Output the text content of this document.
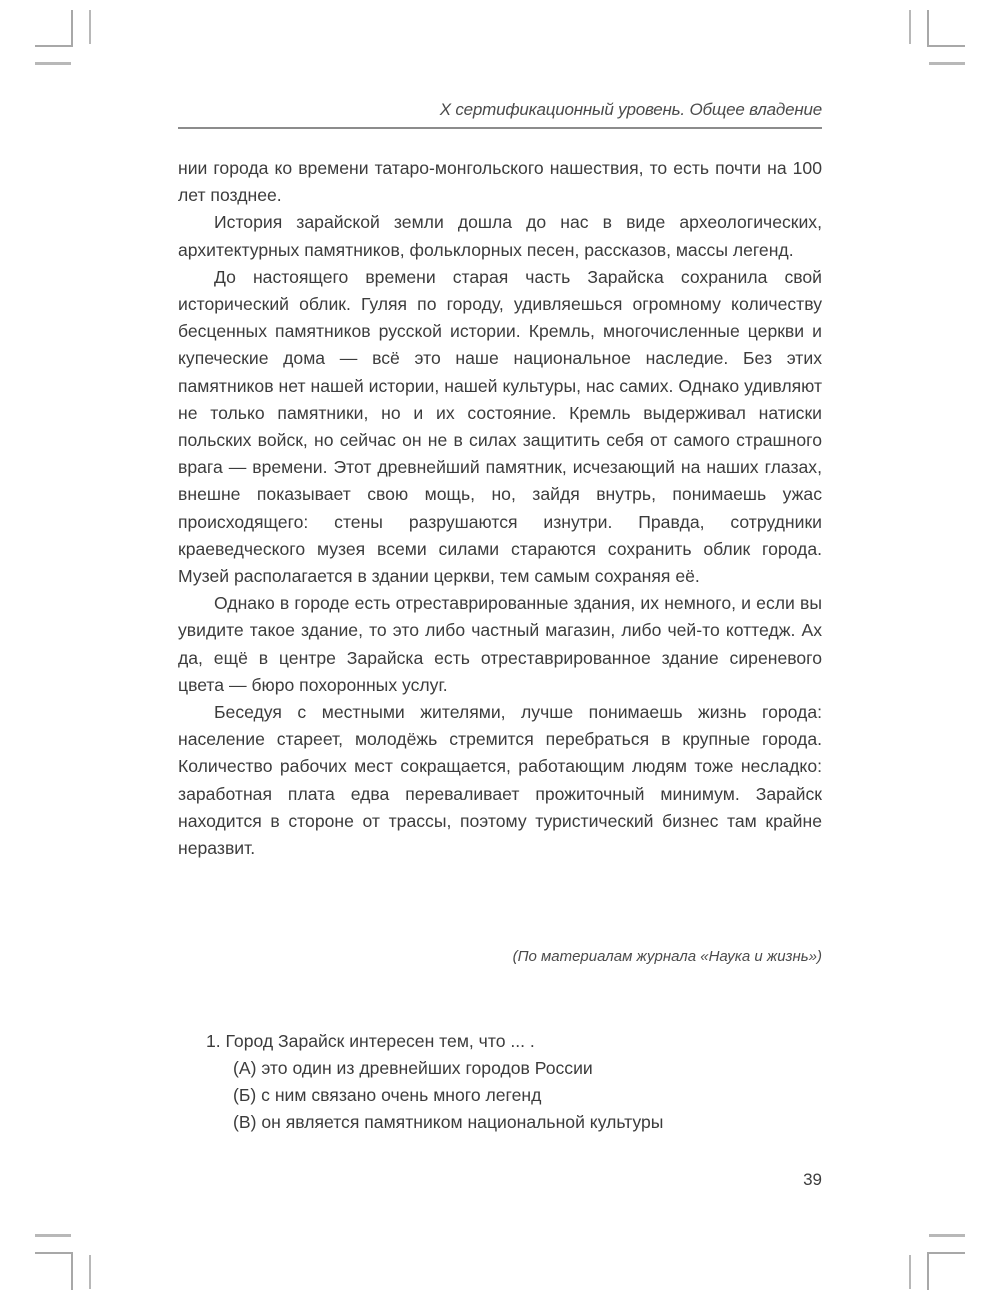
X сертификационный уровень. Общее владение

нии города ко времени татаро-монгольского нашествия, то есть почти на 100 лет позднее.

История зарайской земли дошла до нас в виде археологических, архитектурных памятников, фольклорных песен, рассказов, массы легенд.

До настоящего времени старая часть Зарайска сохранила свой исторический облик. Гуляя по городу, удивляешься огромному количеству бесценных памятников русской истории. Кремль, многочисленные церкви и купеческие дома — всё это наше национальное наследие. Без этих памятников нет нашей истории, нашей культуры, нас самих. Однако удивляют не только памятники, но и их состояние. Кремль выдерживал натиски польских войск, но сейчас он не в силах защитить себя от самого страшного врага — времени. Этот древнейший памятник, исчезающий на наших глазах, внешне показывает свою мощь, но, зайдя внутрь, понимаешь ужас происходящего: стены разрушаются изнутри. Правда, сотрудники краеведческого музея всеми силами стараются сохранить облик города. Музей располагается в здании церкви, тем самым сохраняя её.

Однако в городе есть отреставрированные здания, их немного, и если вы увидите такое здание, то это либо частный магазин, либо чей-то коттедж. Ах да, ещё в центре Зарайска есть отреставрированное здание сиреневого цвета — бюро похоронных услуг.

Беседуя с местными жителями, лучше понимаешь жизнь города: население стареет, молодёжь стремится перебраться в крупные города. Количество рабочих мест сокращается, работающим людям тоже несладко: заработная плата едва переваливает прожиточный минимум. Зарайск находится в стороне от трассы, поэтому туристический бизнес там крайне неразвит.

(По материалам журнала «Наука и жизнь»)
1. Город Зарайск интересен тем, что ... .
(А) это один из древнейших городов России
(Б) с ним связано очень много легенд
(В) он является памятником национальной культуры
39
